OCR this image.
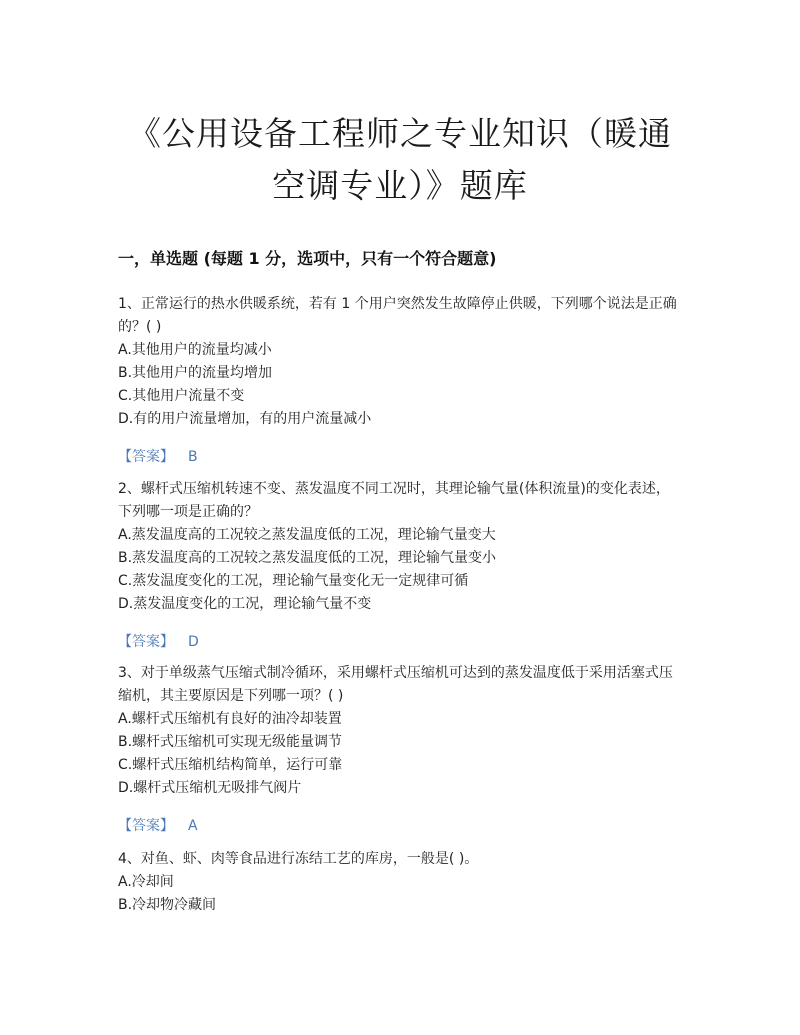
《公用设备工程师之专业知识（暖通
空调专业）》题库
一，单选题 (每题 1 分，选项中，只有一个符合题意)
1、正常运行的热水供暖系统，若有 1 个用户突然发生故障停止供暖，下列哪个说法是正确的？( )
A.其他用户的流量均减小
B.其他用户的流量均增加
C.其他用户流量不变
D.有的用户流量增加，有的用户流量减小
【答案】 B
2、螺杆式压缩机转速不变、蒸发温度不同工况时，其理论输气量(体积流量)的变化表述，下列哪一项是正确的？
A.蒸发温度高的工况较之蒸发温度低的工况，理论输气量变大
B.蒸发温度高的工况较之蒸发温度低的工况，理论输气量变小
C.蒸发温度变化的工况，理论输气量变化无一定规律可循
D.蒸发温度变化的工况，理论输气量不变
【答案】 D
3、对于单级蒸气压缩式制冷循环，采用螺杆式压缩机可达到的蒸发温度低于采用活塞式压缩机，其主要原因是下列哪一项？( )
A.螺杆式压缩机有良好的油冷却装置
B.螺杆式压缩机可实现无级能量调节
C.螺杆式压缩机结构简单，运行可靠
D.螺杆式压缩机无吸排气阀片
【答案】 A
4、对鱼、虾、肉等食品进行冻结工艺的库房，一般是( )。
A.冷却间
B.冷却物冷藏间
